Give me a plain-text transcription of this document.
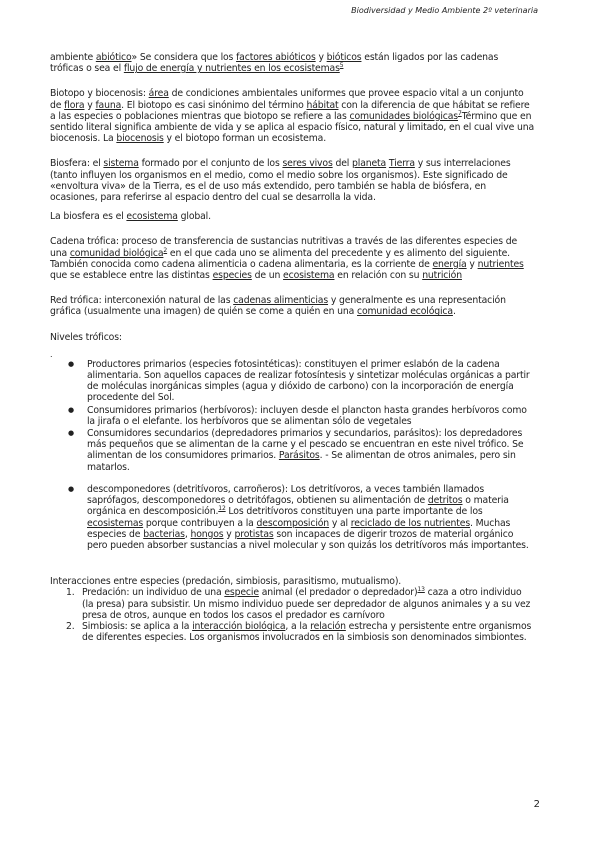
Biodiversidad y Medio Ambiente 2º veterinaria

ambiente abiótico» Se considera que los factores abióticos y bióticos están ligados por las cadenas tróficas o sea el flujo de energía y nutrientes en los ecosistemas$^5$

Biotopo y biocenosis: área de condiciones ambientales uniformes que provee espacio vital a un conjunto de flora y fauna. El biotopo es casi sinónimo del término hábitat con la diferencia de que hábitat se refiere a las especies o poblaciones mientras que biotopo se refiere a las comunidades biológicas$^7$Término que en sentido literal significa ambiente de vida y se aplica al espacio físico, natural y limitado, en el cual vive una biocenosis. La biocenosis y el biotopo forman un ecosistema.

Biosfera: el sistema formado por el conjunto de los seres vivos del planeta Tierra y sus interrelaciones (tanto influyen los organismos en el medio, como el medio sobre los organismos). Este significado de «envoltura viva» de la Tierra, es el de uso más extendido, pero también se habla de biósfera, en ocasiones, para referirse al espacio dentro del cual se desarrolla la vida.

La biosfera es el ecosistema global.

Cadena trófica: proceso de transferencia de sustancias nutritivas a través de las diferentes especies de una comunidad biológica$^2$ en el que cada uno se alimenta del precedente y es alimento del siguiente. También conocida como cadena alimenticia o cadena alimentaria, es la corriente de energía y nutrientes que se establece entre las distintas especies de un ecosistema en relación con su nutrición

Red trófica: interconexión natural de las cadenas alimenticias y generalmente es una representación gráfica (usualmente una imagen) de quién se come a quién en una comunidad ecológica.

Niveles tróficos:

.

● Productores primarios (especies fotosintéticas): constituyen el primer eslabón de la cadena alimentaria. Son aquellos capaces de realizar fotosíntesis y sintetizar moléculas orgánicas a partir de moléculas inorgánicas simples (agua y dióxido de carbono) con la incorporación de energía procedente del Sol.
● Consumidores primarios (herbívoros): incluyen desde el plancton hasta grandes herbívoros como la jirafa o el elefante. los herbívoros que se alimentan sólo de vegetales
● Consumidores secundarios (depredadores primarios y secundarios, parásitos): los depredadores más pequeños que se alimentan de la carne y el pescado se encuentran en este nivel trófico. Se alimentan de los consumidores primarios. Parásitos. - Se alimentan de otros animales, pero sin matarlos.
● descomponedores (detritívoros, carroñeros): Los detritívoros, a veces también llamados saprófagos, descomponedores o detritófagos, obtienen su alimentación de detritos o materia orgánica en descomposición.$^{12}$ Los detritívoros constituyen una parte importante de los ecosistemas porque contribuyen a la descomposición y al reciclado de los nutrientes. Muchas especies de bacterias, hongos y protistas son incapaces de digerir trozos de material orgánico pero pueden absorber sustancias a nivel molecular y son quizás los detritívoros más importantes.

Interacciones entre especies (predación, simbiosis, parasitismo, mutualismo).

1. Predación: un individuo de una especie animal (el predador o depredador)$^{13}$ caza a otro individuo (la presa) para subsistir. Un mismo individuo puede ser depredador de algunos animales y a su vez presa de otros, aunque en todos los casos el predador es carnívoro
2. Simbiosis: se aplica a la interacción biológica, a la relación estrecha y persistente entre organismos de diferentes especies. Los organismos involucrados en la simbiosis son denominados simbiontes.
2
